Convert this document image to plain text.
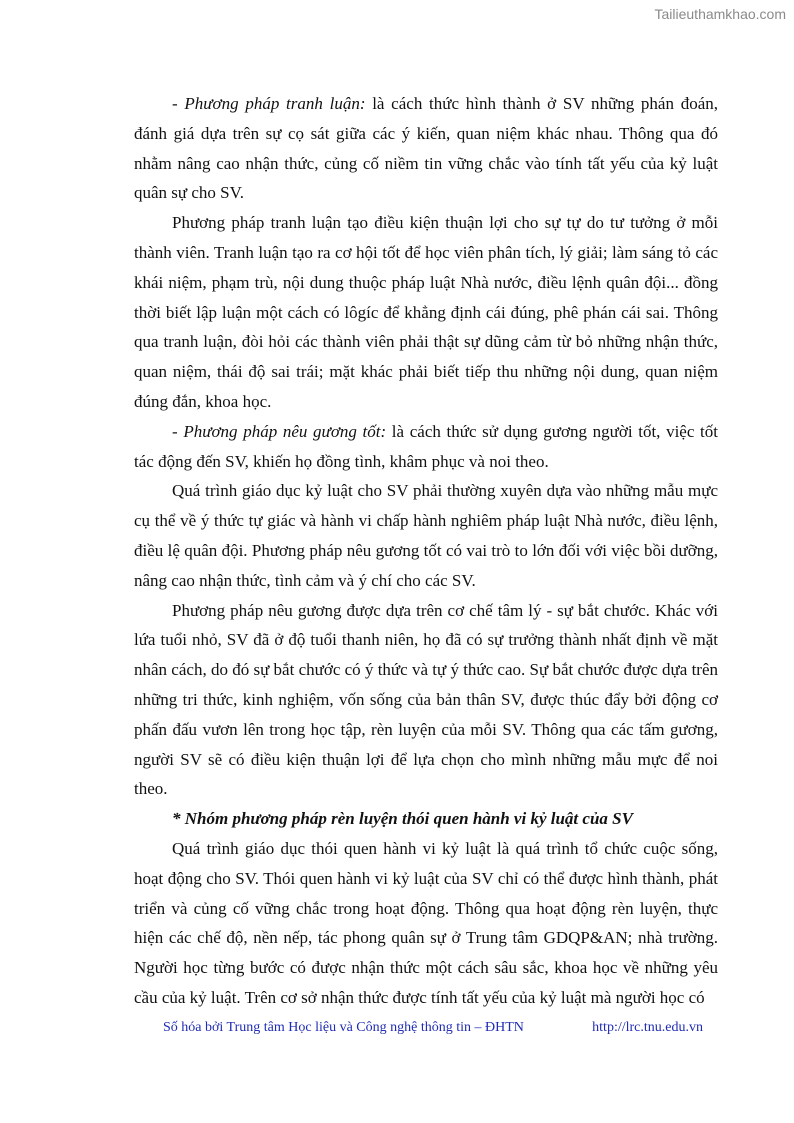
Tailieuthamkhao.com

- Phương pháp tranh luận: là cách thức hình thành ở SV những phán đoán, đánh giá dựa trên sự cọ sát giữa các ý kiến, quan niệm khác nhau. Thông qua đó nhằm nâng cao nhận thức, củng cố niềm tin vững chắc vào tính tất yếu của kỷ luật quân sự cho SV.

Phương pháp tranh luận tạo điều kiện thuận lợi cho sự tự do tư tưởng ở mỗi thành viên. Tranh luận tạo ra cơ hội tốt để học viên phân tích, lý giải; làm sáng tỏ các khái niệm, phạm trù, nội dung thuộc pháp luật Nhà nước, điều lệnh quân đội... đồng thời biết lập luận một cách có lôgíc để khẳng định cái đúng, phê phán cái sai. Thông qua tranh luận, đòi hỏi các thành viên phải thật sự dũng cảm từ bỏ những nhận thức, quan niệm, thái độ sai trái; mặt khác phải biết tiếp thu những nội dung, quan niệm đúng đắn, khoa học.

- Phương pháp nêu gương tốt: là cách thức sử dụng gương người tốt, việc tốt tác động đến SV, khiến họ đồng tình, khâm phục và noi theo.

Quá trình giáo dục kỷ luật cho SV phải thường xuyên dựa vào những mẫu mực cụ thể về ý thức tự giác và hành vi chấp hành nghiêm pháp luật Nhà nước, điều lệnh, điều lệ quân đội. Phương pháp nêu gương tốt có vai trò to lớn đối với việc bồi dưỡng, nâng cao nhận thức, tình cảm và ý chí cho các SV.

Phương pháp nêu gương được dựa trên cơ chế tâm lý - sự bắt chước. Khác với lứa tuổi nhỏ, SV đã ở độ tuổi thanh niên, họ đã có sự trưởng thành nhất định về mặt nhân cách, do đó sự bắt chước có ý thức và tự ý thức cao. Sự bắt chước được dựa trên những tri thức, kinh nghiệm, vốn sống của bản thân SV, được thúc đẩy bởi động cơ phấn đấu vươn lên trong học tập, rèn luyện của mỗi SV. Thông qua các tấm gương, người SV sẽ có điều kiện thuận lợi để lựa chọn cho mình những mẫu mực để noi theo.

* Nhóm phương pháp rèn luyện thói quen hành vi kỷ luật của SV

Quá trình giáo dục thói quen hành vi kỷ luật là quá trình tổ chức cuộc sống, hoạt động cho SV. Thói quen hành vi kỷ luật của SV chỉ có thể được hình thành, phát triển và củng cố vững chắc trong hoạt động. Thông qua hoạt động rèn luyện, thực hiện các chế độ, nền nếp, tác phong quân sự ở Trung tâm GDQP&AN; nhà trường. Người học từng bước có được nhận thức một cách sâu sắc, khoa học về những yêu cầu của kỷ luật. Trên cơ sở nhận thức được tính tất yếu của kỷ luật mà người học có

Số hóa bởi Trung tâm Học liệu và Công nghệ thông tin – ĐHTN	http://lrc.tnu.edu.vn
